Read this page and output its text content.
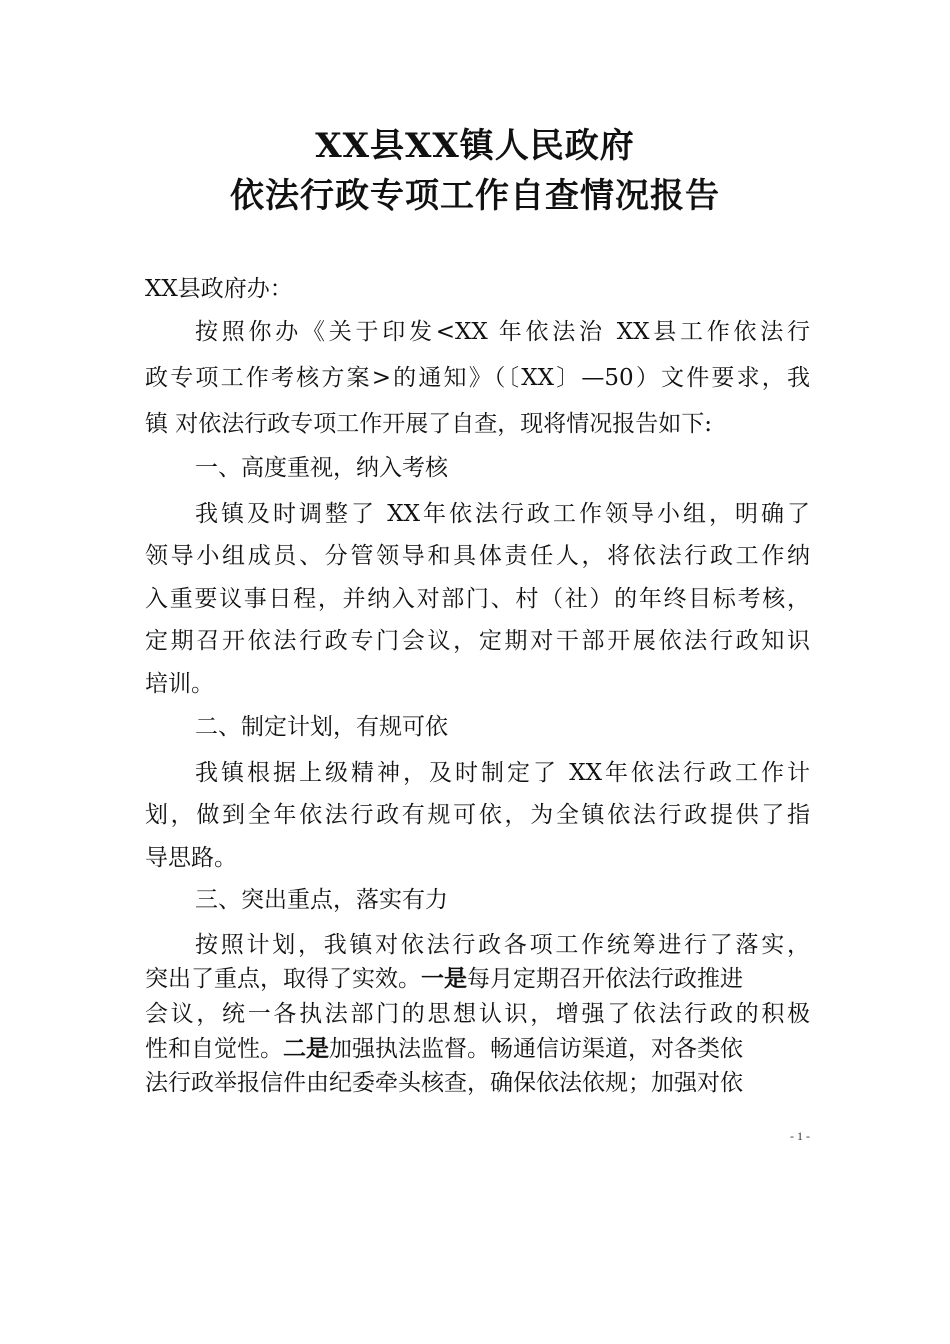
XX县XX镇人民政府
依法行政专项工作自查情况报告
XX县政府办：
按照你办《关于印发<XX 年依法治 XX县工作依法行
政专项工作考核方案>的通知》（〔XX〕—50）文件要求，我
镇 对依法行政专项工作开展了自查，现将情况报告如下:
一、高度重视，纳入考核
我镇及时调整了 XX年依法行政工作领导小组，明确了
领导小组成员、分管领导和具体责任人，将依法行政工作纳
入重要议事日程，并纳入对部门、村（社）的年终目标考核，
定期召开依法行政专门会议，定期对干部开展依法行政知识
培训。
二、制定计划，有规可依
我镇根据上级精神，及时制定了 XX年依法行政工作计
划，做到全年依法行政有规可依，为全镇依法行政提供了指
导思路。
三、突出重点，落实有力
按照计划，我镇对依法行政各项工作统筹进行了落实，
突出了重点，取得了实效。一是每月定期召开依法行政推进
会议，统一各执法部门的思想认识，增强了依法行政的积极
性和自觉性。二是加强执法监督。畅通信访渠道，对各类依
法行政举报信件由纪委牵头核查，确保依法依规；加强对依
- 1 -
